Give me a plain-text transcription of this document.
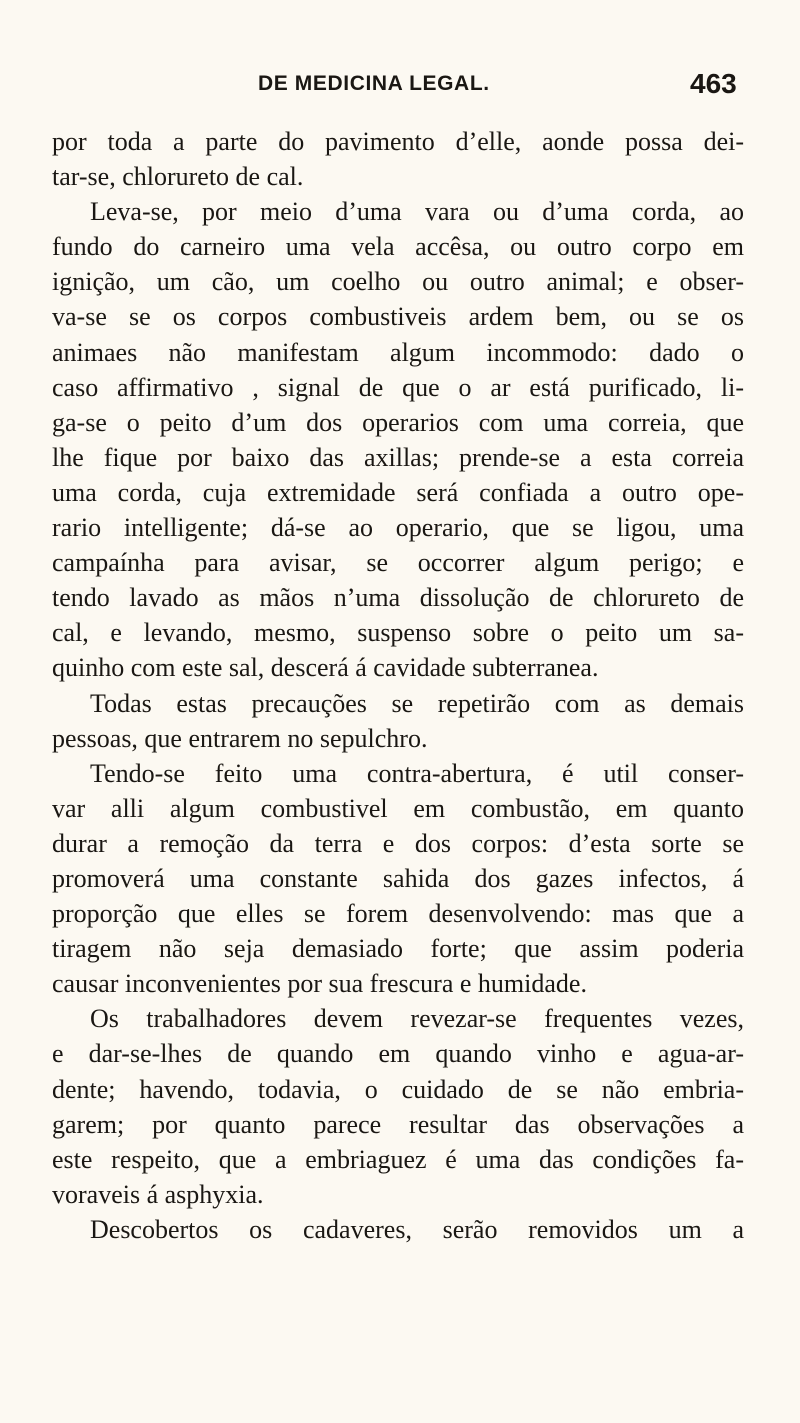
DE MEDICINA LEGAL.	463
por toda a parte do pavimento d’elle, aonde possa dei-
tar-se, chlorureto de cal.
Leva-se, por meio d’uma vara ou d’uma corda, ao
fundo do carneiro uma vela accêsa, ou outro corpo em
ignição, um cão, um coelho ou outro animal; e obser-
va-se se os corpos combustiveis ardem bem, ou se os
animaes não manifestam algum incommodo: dado o
caso affirmativo , signal de que o ar está purificado, li-
ga-se o peito d’um dos operarios com uma correia, que
lhe fique por baixo das axillas; prende-se a esta correia
uma corda, cuja extremidade será confiada a outro ope-
rario intelligente; dá-se ao operario, que se ligou, uma
campaínha para avisar, se occorrer algum perigo; e
tendo lavado as mãos n’uma dissolução de chlorureto de
cal, e levando, mesmo, suspenso sobre o peito um sa-
quinho com este sal, descerá á cavidade subterranea.
Todas estas precauções se repetirão com as demais
pessoas, que entrarem no sepulchro.
Tendo-se feito uma contra-abertura, é util conser-
var alli algum combustivel em combustão, em quanto
durar a remoção da terra e dos corpos: d’esta sorte se
promoverá uma constante sahida dos gazes infectos, á
proporção que elles se forem desenvolvendo: mas que a
tiragem não seja demasiado forte; que assim poderia
causar inconvenientes por sua frescura e humidade.
Os trabalhadores devem revezar-se frequentes vezes,
e dar-se-lhes de quando em quando vinho e agua-ar-
dente; havendo, todavia, o cuidado de se não embria-
garem; por quanto parece resultar das observações a
este respeito, que a embriaguez é uma das condições fa-
voraveis á asphyxia.
Descobertos os cadaveres, serão removidos um a
